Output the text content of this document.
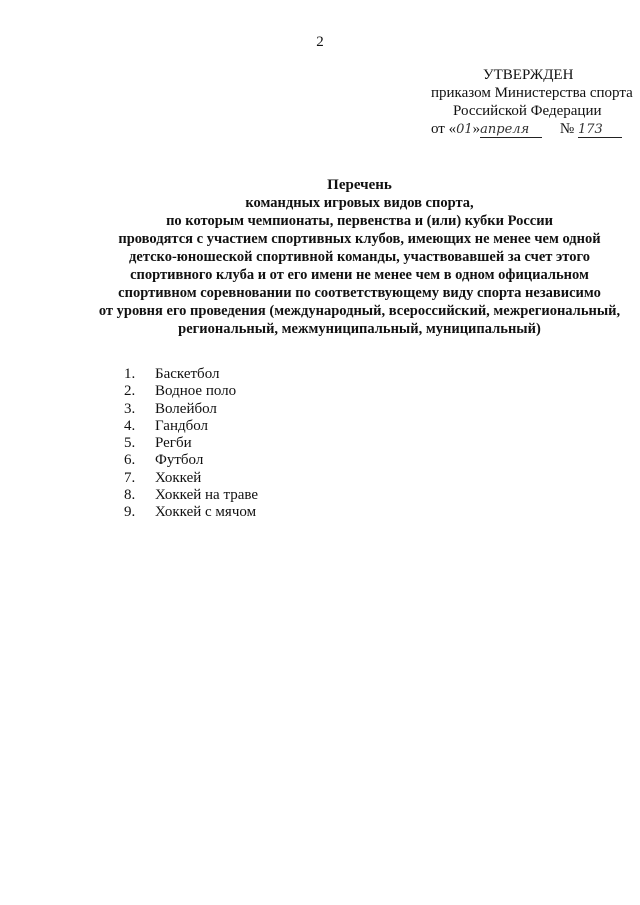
2
УТВЕРЖДЕН
приказом Министерства спорта
Российской Федерации
от «01»апреля № 173
Перечень
командных игровых видов спорта,
по которым чемпионаты, первенства и (или) кубки России
проводятся с участием спортивных клубов, имеющих не менее чем одной
детско-юношеской спортивной команды, участвовавшей за счет этого
спортивного клуба и от его имени не менее чем в одном официальном
спортивном соревновании по соответствующему виду спорта независимо
от уровня его проведения (международный, всероссийский, межрегиональный,
региональный, межмуниципальный, муниципальный)
1.	Баскетбол
2.	Водное поло
3.	Волейбол
4.	Гандбол
5.	Регби
6.	Футбол
7.	Хоккей
8.	Хоккей на траве
9.	Хоккей с мячом
